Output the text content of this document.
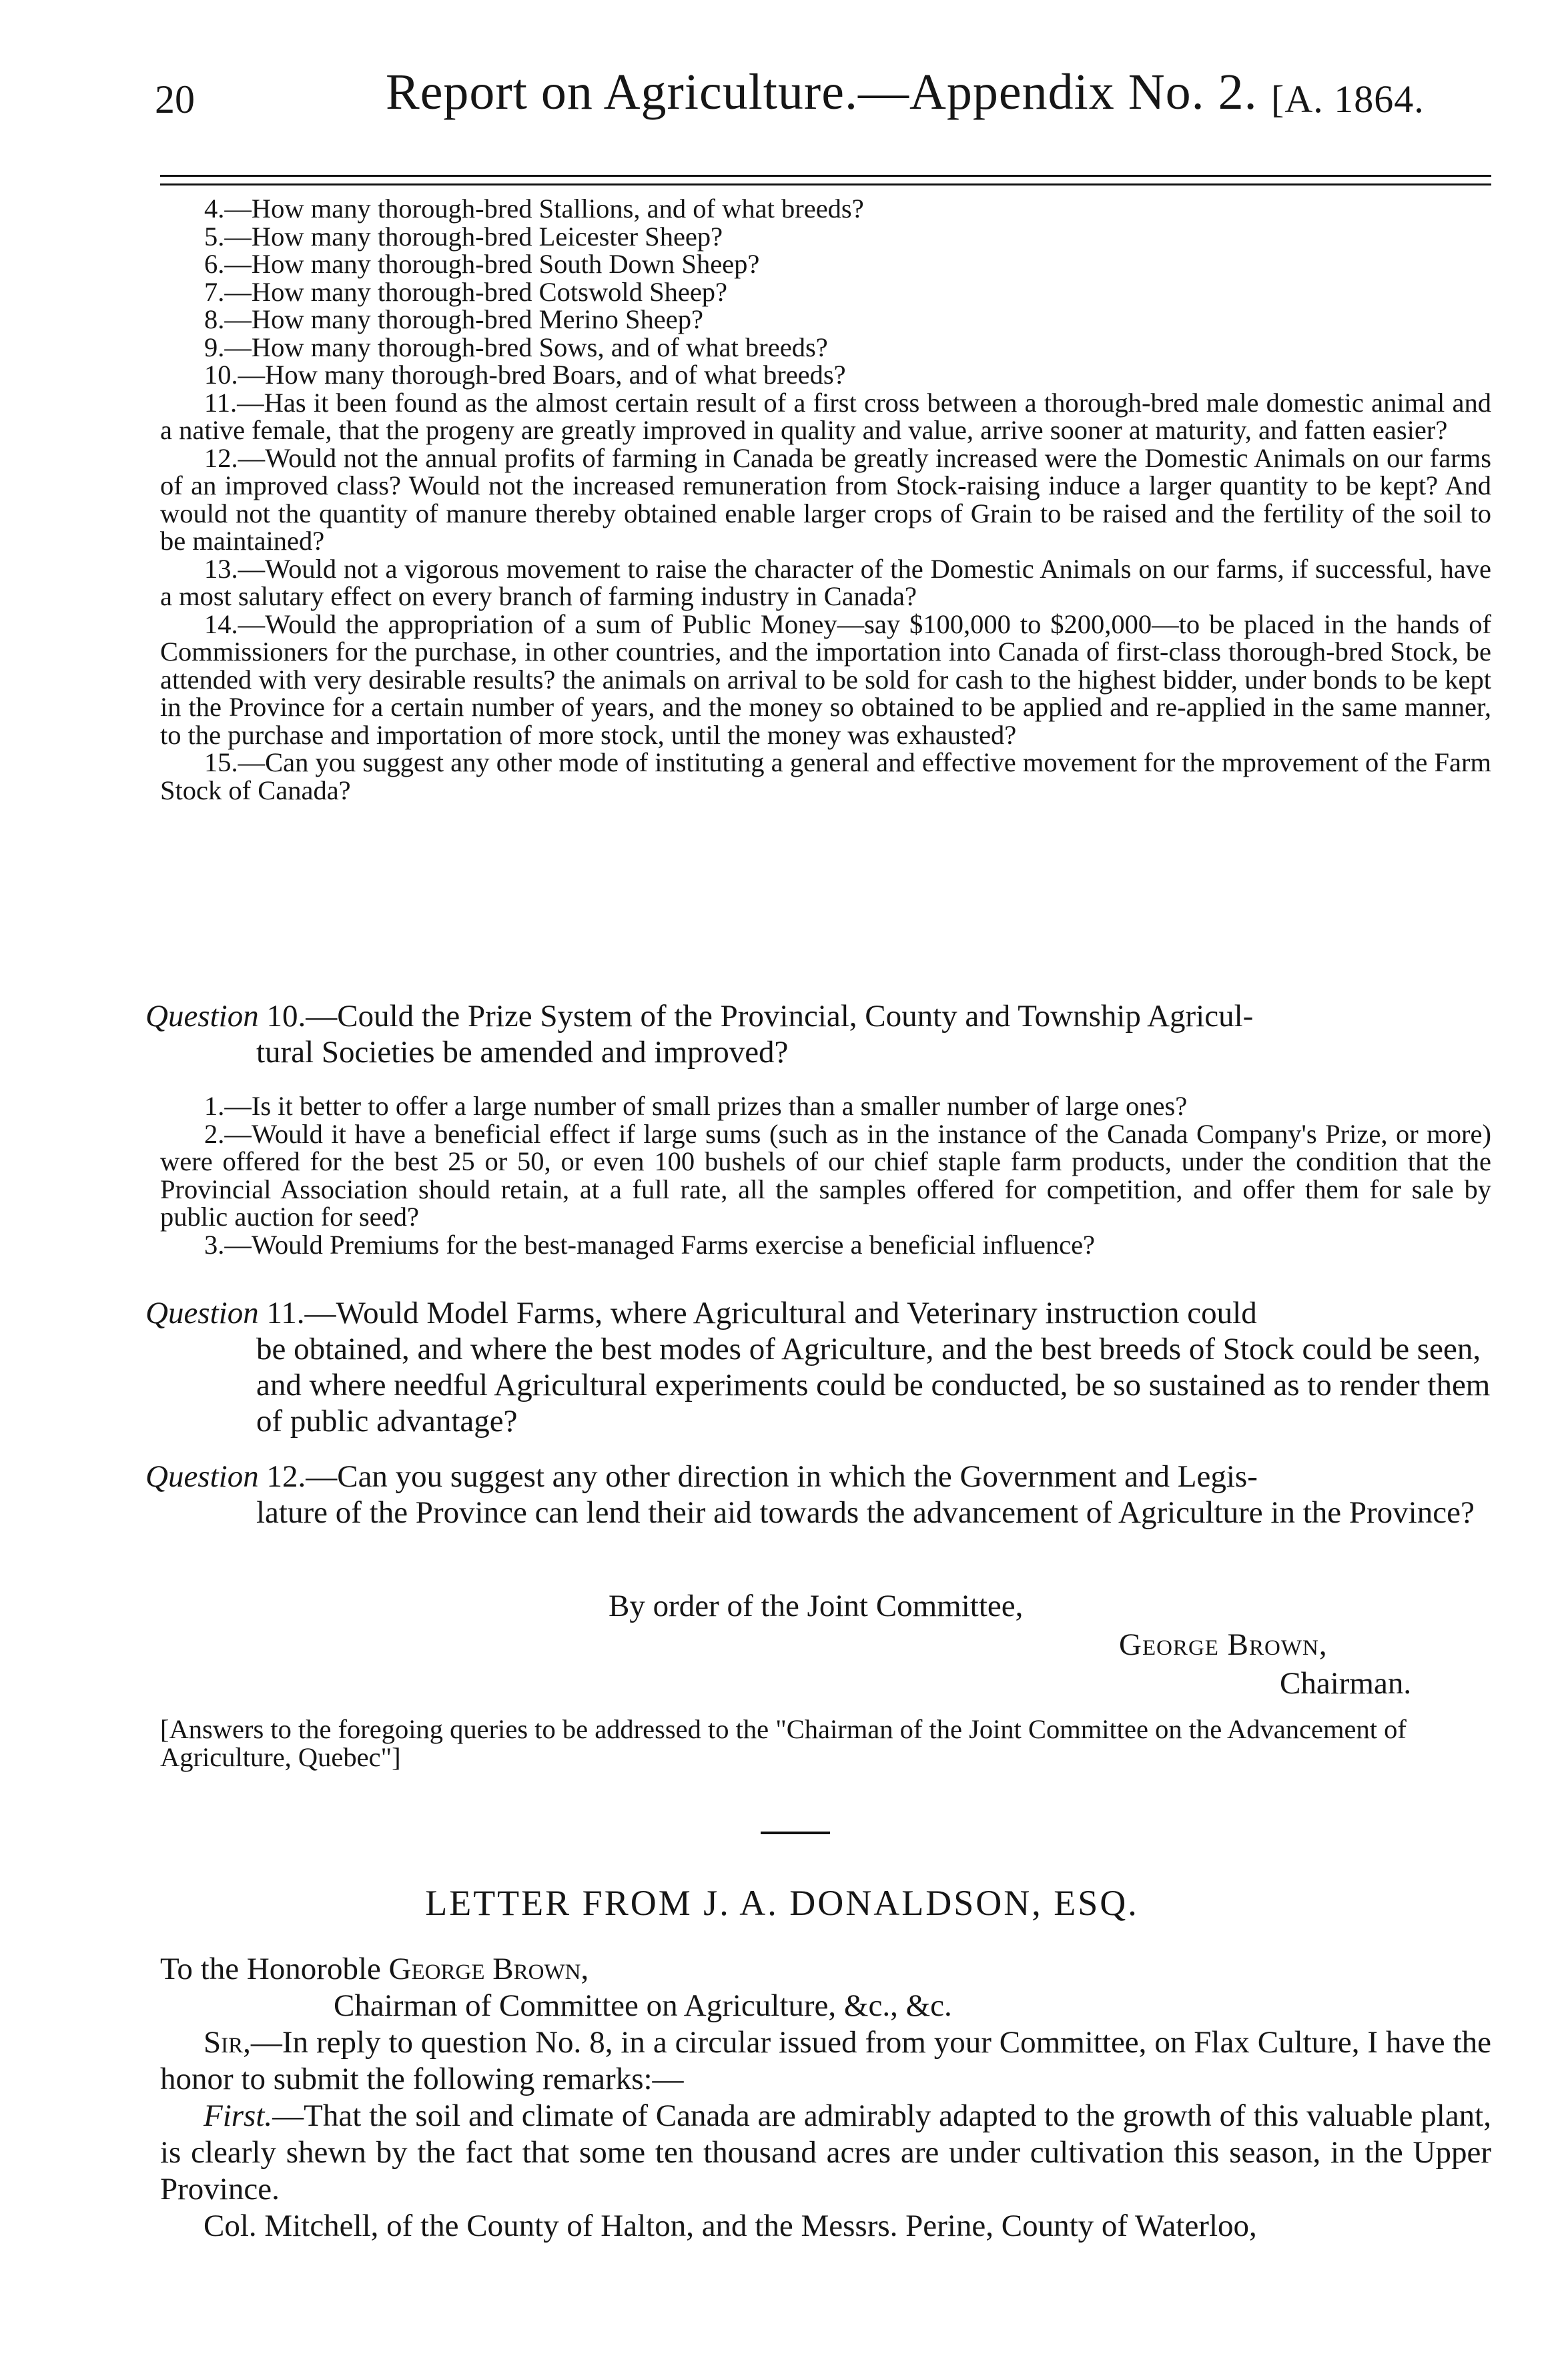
20	Report on Agriculture.—Appendix No. 2. [A. 1864.

4.—How many thorough-bred Stallions, and of what breeds?

5.—How many thorough-bred Leicester Sheep?

6.—How many thorough-bred South Down Sheep?

7.—How many thorough-bred Cotswold Sheep?

8.—How many thorough-bred Merino Sheep?

9.—How many thorough-bred Sows, and of what breeds?

10.—How many thorough-bred Boars, and of what breeds?

11.—Has it been found as the almost certain result of a first cross between a thorough-bred male domestic animal and a native female, that the progeny are greatly improved in quality and value, arrive sooner at maturity, and fatten easier?

12.—Would not the annual profits of farming in Canada be greatly increased were the Domestic Animals on our farms of an improved class? Would not the increased remuneration from Stock-raising induce a larger quantity to be kept? And would not the quantity of manure thereby obtained enable larger crops of Grain to be raised and the fertility of the soil to be maintained?

13.—Would not a vigorous movement to raise the character of the Domestic Animals on our farms, if successful, have a most salutary effect on every branch of farming industry in Canada?

14.—Would the appropriation of a sum of Public Money—say $100,000 to $200,000—to be placed in the hands of Commissioners for the purchase, in other countries, and the importation into Canada of first-class thorough-bred Stock, be attended with very desirable results? the animals on arrival to be sold for cash to the highest bidder, under bonds to be kept in the Province for a certain number of years, and the money so obtained to be applied and re-applied in the same manner, to the purchase and importation of more stock, until the money was exhausted?

15.—Can you suggest any other mode of instituting a general and effective movement for the mprovement of the Farm Stock of Canada?

Question 10.—Could the Prize System of the Provincial, County and Township Agricul-
tural Societies be amended and improved?

1.—Is it better to offer a large number of small prizes than a smaller number of large ones?

2.—Would it have a beneficial effect if large sums (such as in the instance of the Canada Company's Prize, or more) were offered for the best 25 or 50, or even 100 bushels of our chief staple farm products, under the condition that the Provincial Association should retain, at a full rate, all the samples offered for competition, and offer them for sale by public auction for seed?

3.—Would Premiums for the best-managed Farms exercise a beneficial influence?

Question 11.—Would Model Farms, where Agricultural and Veterinary instruction could
be obtained, and where the best modes of Agriculture, and the best breeds of Stock could be seen, and where needful Agricultural experiments could be conducted, be so sustained as to render them of public advantage?
Question 12.—Can you suggest any other direction in which the Government and Legis-
lature of the Province can lend their aid towards the advancement of Agriculture in the Province?
By order of the Joint Committee,
George Brown,
Chairman.
[Answers to the foregoing queries to be addressed to the "Chairman of the Joint Committee on the Advancement of Agriculture, Quebec"]
LETTER FROM J. A. DONALDSON, ESQ.

To the Honoroble George Brown,

Chairman of Committee on Agriculture, &c., &c.

Sir,—In reply to question No. 8, in a circular issued from your Committee, on Flax Culture, I have the honor to submit the following remarks:—

First.—That the soil and climate of Canada are admirably adapted to the growth of this valuable plant, is clearly shewn by the fact that some ten thousand acres are under cultivation this season, in the Upper Province.

Col. Mitchell, of the County of Halton, and the Messrs. Perine, County of Waterloo,
